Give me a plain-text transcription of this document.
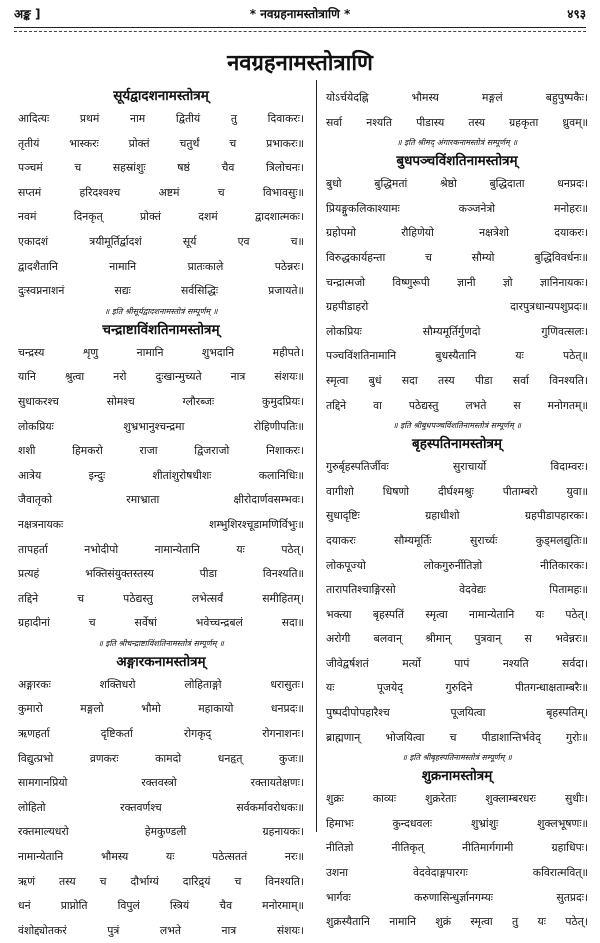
अङ्क ]	* नवग्रहनामस्तोत्राणि *	४९३
नवग्रहनामस्तोत्राणि
सूर्यद्वादशनामस्तोत्रम्
आदित्यः प्रथमं नाम द्वितीयं तु दिवाकरः।
तृतीयं भास्करः प्रोक्तं चतुर्थं च प्रभाकरः॥
पञ्चमं च सहस्रांशुः षष्ठं चैव त्रिलोचनः।
सप्तमं हरिदश्वश्च अष्टमं च विभावसुः॥
नवमं दिनकृत् प्रोक्तं दशमं द्वादशात्मकः।
एकादशं त्रयीमूर्तिर्द्वादशं सूर्य एव च॥
द्वादशैतानि नामानि प्रातःकाले पठेन्नरः।
दुःस्वप्ननाशनं सद्यः सर्वसिद्धिः प्रजायते॥
॥ इति श्रीसूर्यद्वादशनामस्तोत्रं सम्पूर्णम् ॥
चन्द्राष्टाविंशतिनामस्तोत्रम्
चन्द्रस्य शृणु नामानि शुभदानि महीपते।
यानि श्रुत्वा नरो दुःखान्मुच्यते नात्र संशयः॥
सुधाकरश्च सोमश्च ग्लौरब्जः कुमुदप्रियः।
लोकप्रियः शुभ्रभानुश्चन्द्रमा रोहिणीपतिः॥
शशी हिमकरो राजा द्विजराजो निशाकरः।
आत्रेय इन्दुः शीतांशुरोषधीशः कलानिधिः॥
जैवातृको रमाभ्राता क्षीरोदार्णवसम्भवः।
नक्षत्रनायकः शम्भुशिरश्चूडामणिर्विभुः॥
तापहर्ता नभोदीपो नामान्येतानि यः पठेत्।
प्रत्यहं भक्तिसंयुक्तस्तस्य पीडा विनश्यति॥
तद्दिने च पठेद्यस्तु लभेत्सर्वं समीहितम्।
ग्रहादीनां च सर्वेषां भवेच्चन्द्रबलं सदा॥
॥ इति श्रीचन्द्राष्टाविंशतिनामस्तोत्रं सम्पूर्णम् ॥
अङ्गारकनामस्तोत्रम्
अङ्गारकः शक्तिधरो लोहिताङ्गो धरासुतः।
कुमारो मङ्गलो भौमो महाकायो धनप्रदः॥
ऋणहर्ता दृष्टिकर्ता रोगकृद् रोगनाशनः।
विद्युत्प्रभो व्रणकरः कामदो धनहृत् कुजः॥
सामगानप्रियो रक्तवस्त्रो रक्तायतेक्षणः।
लोहितो रक्तवर्णश्च सर्वकर्मावरोधकः॥
रक्तमाल्यधरो हेमकुण्डली ग्रहनायकः।
नामान्येतानि भौमस्य यः पठेत्सततं नरः॥
ऋणं तस्य च दौर्भाग्यं दारिद्र्यं च विनश्यति।
धनं प्राप्नोति विपुलं स्त्रियं चैव मनोरमाम्॥
वंशोद्द्योतकरं पुत्रं लभते नात्र संशयः।
योऽर्चयेदह्नि भौमस्य मङ्गलं बहुपुष्पकैः।
सर्वा नश्यति पीडास्य तस्य ग्रहकृता ध्रुवम्॥
॥ इति श्रीमद् अंगारकनामस्तोत्रं सम्पूर्णम् ॥
बुधपञ्चविंशतिनामस्तोत्रम्
बुधो बुद्धिमतां श्रेष्ठो बुद्धिदाता धनप्रदः।
प्रियङ्गुकलिकाश्यामः कञ्जनेत्रो मनोहरः॥
ग्रहोपमो रौहिणेयो नक्षत्रेशो दयाकरः।
विरुद्धकार्यहन्ता च सौम्यो बुद्धिविवर्धनः॥
चन्द्रात्मजो विष्णुरूपी ज्ञानी ज्ञो ज्ञानिनायकः।
ग्रहपीडाहरो दारपुत्रधान्यपशुप्रदः॥
लोकप्रियः सौम्यमूर्तिर्गुणदो गुणिवत्सलः।
पञ्चविंशतिनामानि बुधस्यैतानि यः पठेत्॥
स्मृत्वा बुधं सदा तस्य पीडा सर्वा विनश्यति।
तद्दिने वा पठेद्यस्तु लभते स मनोगतम्॥
॥ इति श्रीबुधपञ्चविंशतिनामस्तोत्रं सम्पूर्णम् ॥
बृहस्पतिनामस्तोत्रम्
गुरुर्बृहस्पतिर्जीवः सुराचार्यो विदाम्वरः।
वागीशो धिषणो दीर्घश्मश्रुः पीताम्बरो युवा॥
सुधादृष्टिः ग्रहाधीशो ग्रहपीडापहारकः।
दयाकरः सौम्यमूर्तिः सुरार्च्यः कुड्मलद्युतिः॥
लोकपूज्यो लोकगुरुर्नीतिज्ञो नीतिकारकः।
तारापतिश्चाङ्गिरसो वेदवेद्यः पितामहः॥
भक्त्या बृहस्पतिं स्मृत्वा नामान्येतानि यः पठेत्।
अरोगी बलवान् श्रीमान् पुत्रवान् स भवेन्नरः॥
जीवेद्वर्षशतं मर्त्यो पापं नश्यति सर्वदा।
यः पूजयेद् गुरुदिने पीतगन्धाक्षताम्बरैः॥
पुष्पदीपोपहारैश्च पूजयित्वा बृहस्पतिम्।
ब्राह्मणान् भोजयित्वा च पीडाशान्तिर्भवेद् गुरोः॥
॥ इति श्रीबृहस्पतिनामस्तोत्रं सम्पूर्णम् ॥
शुक्रनामस्तोत्रम्
शुक्रः काव्यः शुक्ररेताः शुक्लाम्बरधरः सुधीः।
हिमाभः कुन्दधवलः शुभ्रांशुः शुक्लभूषणः॥
नीतिज्ञो नीतिकृत् नीतिमार्गगामी ग्रहाधिपः।
उशना वेदवेदाङ्गपारगः कविरात्मवित्॥
भार्गवः करुणासिन्धुर्ज्ञानगम्यः सुतप्रदः।
शुक्रस्यैतानि नामानि शुक्रं स्मृत्वा तु यः पठेत्।
